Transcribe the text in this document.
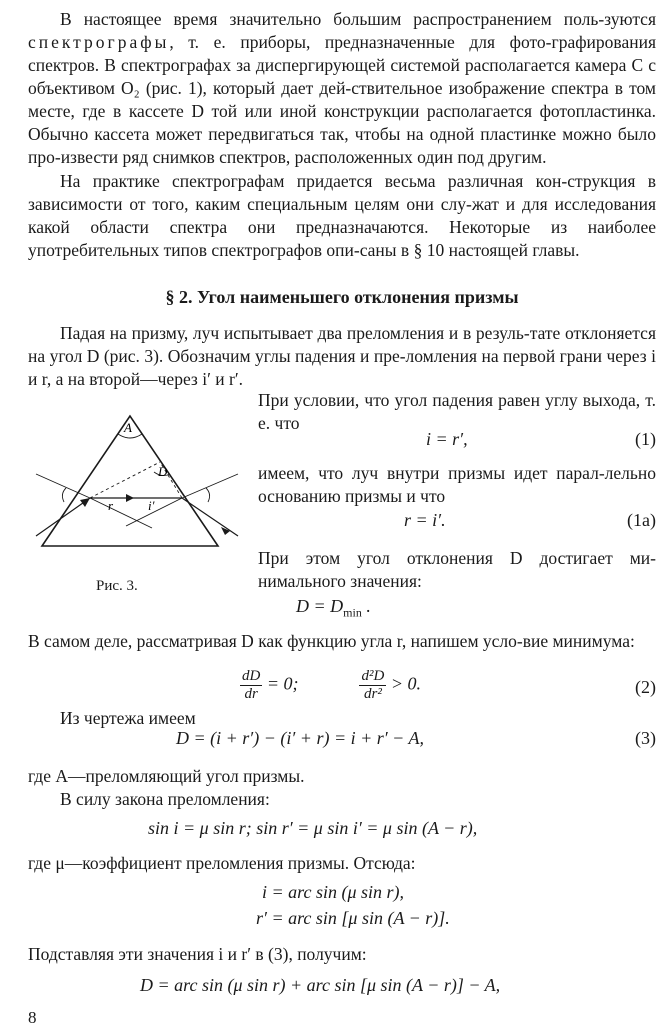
В настоящее время значительно большим распространением поль-зуются спектрографы, т. е. приборы, предназначенные для фото-графирования спектров. В спектрографах за диспергирующей системой располагается камера C с объективом O₂ (рис. 1), который дает дей-ствительное изображение спектра в том месте, где в кассете D той или иной конструкции располагается фотопластинка. Обычно кассета может передвигаться так, чтобы на одной пластинке можно было про-извести ряд снимков спектров, расположенных один под другим.

На практике спектрографам придается весьма различная кон-струкция в зависимости от того, каким специальным целям они слу-жат и для исследования какой области спектра они предназначаются. Некоторые из наиболее употребительных типов спектрографов опи-саны в § 10 настоящей главы.

§ 2. Угол наименьшего отклонения призмы

Падая на призму, луч испытывает два преломления и в резуль-тате отклоняется на угол D (рис. 3). Обозначим углы падения и пре-ломления на первой грани через i и r, а на второй—через i′ и r′.

A
D
r	i′
Рис. 3.

При условии, что угол падения равен углу выхода, т. е. что

i = r′,	(1)

имеем, что луч внутри призмы идет парал-лельно основанию призмы и что

r = i′.	(1a)

При этом угол отклонения D достигает ми-нимального значения:

$D = D_{min}$ .

В самом деле, рассматривая D как функцию угла r, напишем усло-вие минимума:

$\frac{dD}{dr} = 0$;	$\frac{\text{d²D}}{\text{dr²}} > 0$.	(2)

Из чертежа имеем

D = (i + r′) − (i′ + r) = i + r′ − A,	(3)

где A—преломляющий угол призмы.

В силу закона преломления:

sin i = μ sin r; sin r′ = μ sin i′ = μ sin (A − r),

где μ—коэффициент преломления призмы. Отсюда:

i = arc sin (μ sin r),
r′ = arc sin [μ sin (A − r)].

Подставляя эти значения i и r′ в (3), получим:

D = arc sin (μ sin r) + arc sin [μ sin (A − r)] − A,
8
